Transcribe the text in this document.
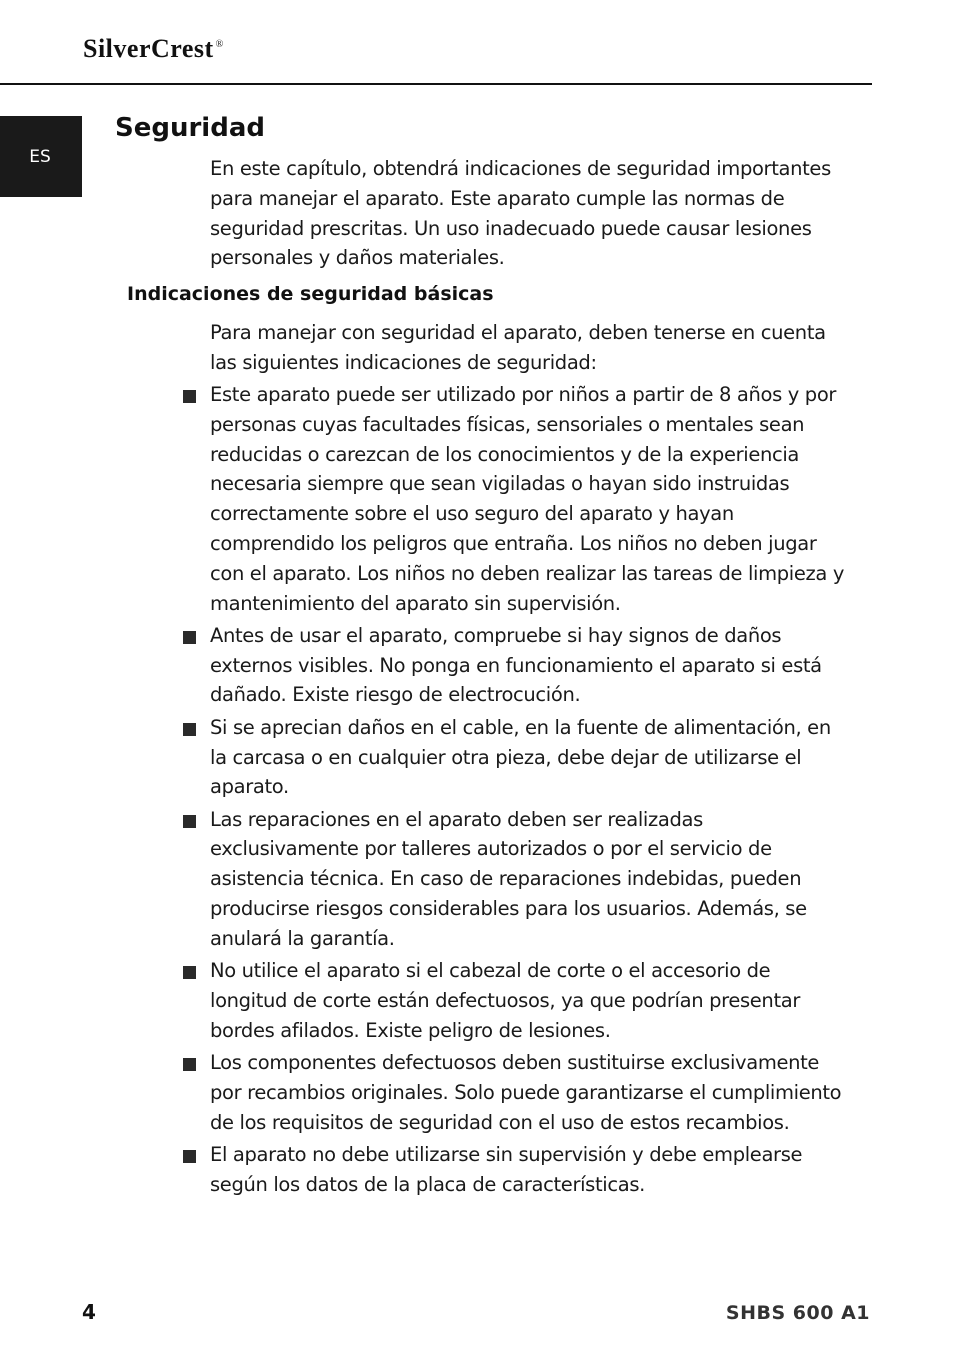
SilverCrest ®
ES
Seguridad

En este capítulo, obtendrá indicaciones de seguridad importantes para manejar el aparato. Este aparato cumple las normas de seguridad prescritas. Un uso inadecuado puede causar lesiones personales y daños materiales.

Indicaciones de seguridad básicas

Para manejar con seguridad el aparato, deben tenerse en cuenta las siguientes indicaciones de seguridad:

Este aparato puede ser utilizado por niños a partir de 8 años y por personas cuyas facultades físicas, sensoriales o mentales sean reducidas o carezcan de los conocimientos y de la experiencia necesaria siempre que sean vigiladas o hayan sido instruidas correctamente sobre el uso seguro del aparato y hayan comprendido los peligros que entraña. Los niños no deben jugar con el aparato. Los niños no deben realizar las tareas de limpieza y mantenimiento del aparato sin supervisión.
Antes de usar el aparato, compruebe si hay signos de daños externos visibles. No ponga en funcionamiento el aparato si está dañado. Existe riesgo de electrocución.
Si se aprecian daños en el cable, en la fuente de alimentación, en la carcasa o en cualquier otra pieza, debe dejar de utilizarse el aparato.
Las reparaciones en el aparato deben ser realizadas exclusivamente por talleres autorizados o por el servicio de asistencia técnica. En caso de reparaciones indebidas, pueden producirse riesgos considerables para los usuarios. Además, se anulará la garantía.
No utilice el aparato si el cabezal de corte o el accesorio de longitud de corte están defectuosos, ya que podrían presentar bordes afilados. Existe peligro de lesiones.
Los componentes defectuosos deben sustituirse exclusivamente por recambios originales. Solo puede garantizarse el cumplimiento de los requisitos de seguridad con el uso de estos recambios.
El aparato no debe utilizarse sin supervisión y debe emplearse según los datos de la placa de características.
4	SHBS 600 A1
